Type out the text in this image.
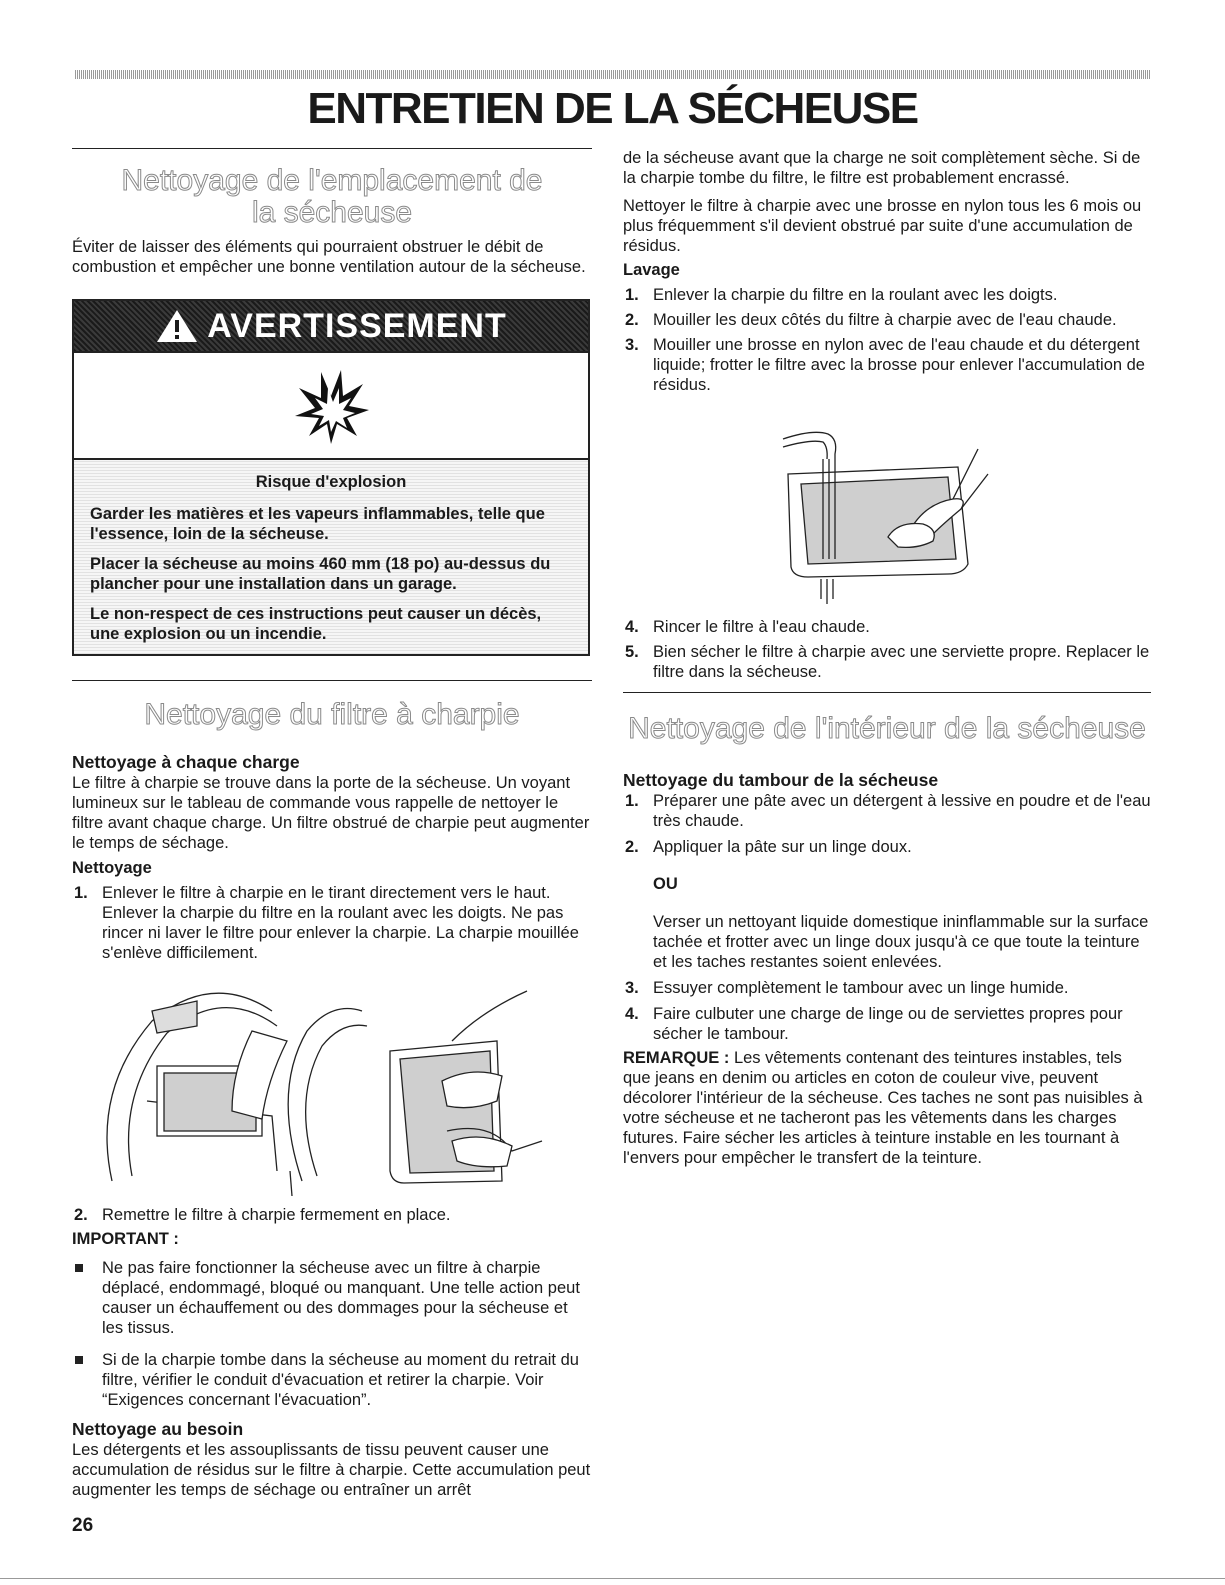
ENTRETIEN DE LA SÉCHEUSE
Nettoyage de l'emplacement de la sécheuse

Éviter de laisser des éléments qui pourraient obstruer le débit de combustion et empêcher une bonne ventilation autour de la sécheuse.

AVERTISSEMENT

Risque d'explosion

Garder les matières et les vapeurs inflammables, telle que l'essence, loin de la sécheuse.

Placer la sécheuse au moins 460 mm (18 po) au-dessus du plancher pour une installation dans un garage.

Le non-respect de ces instructions peut causer un décès, une explosion ou un incendie.

Nettoyage du filtre à charpie
Nettoyage à chaque charge

Le filtre à charpie se trouve dans la porte de la sécheuse. Un voyant lumineux sur le tableau de commande vous rappelle de nettoyer le filtre avant chaque charge. Un filtre obstrué de charpie peut augmenter le temps de séchage.

Nettoyage
1. Enlever le filtre à charpie en le tirant directement vers le haut. Enlever la charpie du filtre en la roulant avec les doigts. Ne pas rincer ni laver le filtre pour enlever la charpie. La charpie mouillée s'enlève difficilement.
2. Remettre le filtre à charpie fermement en place.
IMPORTANT :
Ne pas faire fonctionner la sécheuse avec un filtre à charpie déplacé, endommagé, bloqué ou manquant. Une telle action peut causer un échauffement ou des dommages pour la sécheuse et les tissus.
Si de la charpie tombe dans la sécheuse au moment du retrait du filtre, vérifier le conduit d'évacuation et retirer la charpie. Voir “Exigences concernant l'évacuation”.
Nettoyage au besoin

Les détergents et les assouplissants de tissu peuvent causer une accumulation de résidus sur le filtre à charpie. Cette accumulation peut augmenter les temps de séchage ou entraîner un arrêt

de la sécheuse avant que la charge ne soit complètement sèche. Si de la charpie tombe du filtre, le filtre est probablement encrassé.

Nettoyer le filtre à charpie avec une brosse en nylon tous les 6 mois ou plus fréquemment s'il devient obstrué par suite d'une accumulation de résidus.

Lavage
1. Enlever la charpie du filtre en la roulant avec les doigts.
2. Mouiller les deux côtés du filtre à charpie avec de l'eau chaude.
3. Mouiller une brosse en nylon avec de l'eau chaude et du détergent liquide; frotter le filtre avec la brosse pour enlever l'accumulation de résidus.
4. Rincer le filtre à l'eau chaude.
5. Bien sécher le filtre à charpie avec une serviette propre. Replacer le filtre dans la sécheuse.
Nettoyage de l'intérieur de la sécheuse
Nettoyage du tambour de la sécheuse
1. Préparer une pâte avec un détergent à lessive en poudre et de l'eau très chaude.
2. Appliquer la pâte sur un linge doux.
OU

Verser un nettoyant liquide domestique ininflammable sur la surface tachée et frotter avec un linge doux jusqu'à ce que toute la teinture et les taches restantes soient enlevées.

3. Essuyer complètement le tambour avec un linge humide.
4. Faire culbuter une charge de linge ou de serviettes propres pour sécher le tambour.

REMARQUE : Les vêtements contenant des teintures instables, tels que jeans en denim ou articles en coton de couleur vive, peuvent décolorer l'intérieur de la sécheuse. Ces taches ne sont pas nuisibles à votre sécheuse et ne tacheront pas les vêtements dans les charges futures. Faire sécher les articles à teinture instable en les tournant à l'envers pour empêcher le transfert de la teinture.

26
